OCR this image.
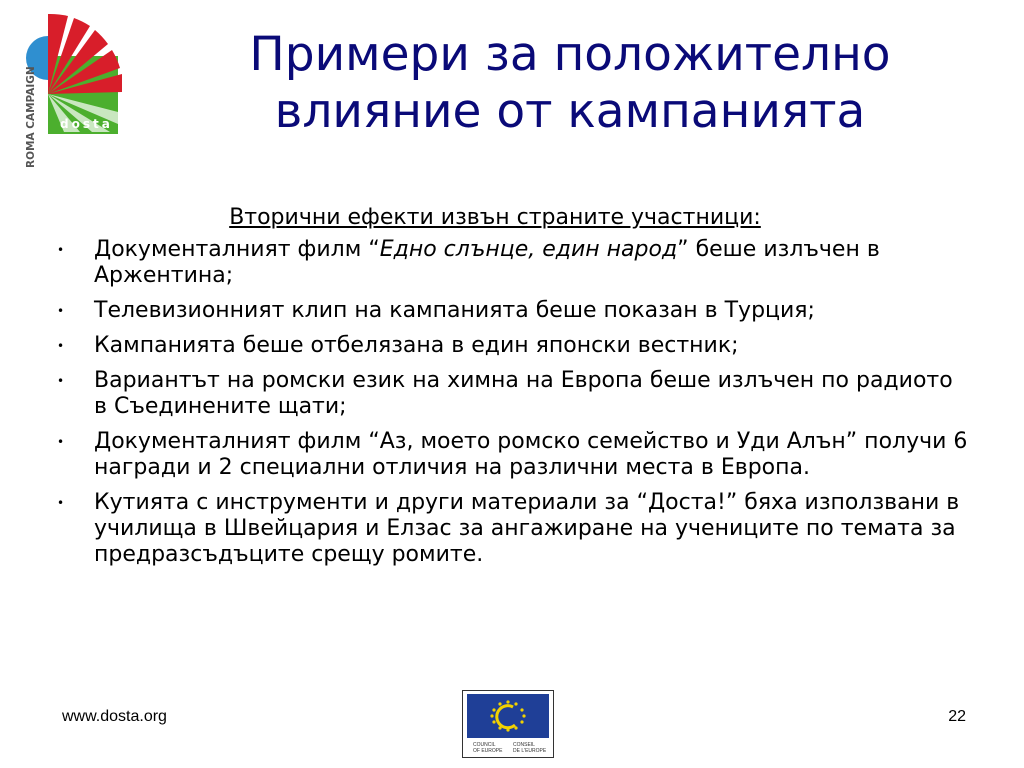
ROMA CAMPAIGN dosta
Примери за положително
влияние от кампанията
Вторични ефекти извън страните участници:
• Документалният филм “Едно слънце, един народ” беше излъчен в Аржентина;
• Телевизионният клип на кампанията беше показан в Турция;
• Кампанията беше отбелязана в един японски вестник;
• Вариантът на ромски език на химна на Европа беше излъчен по радиото в Съединените щати;
• Документалният филм “Аз, моето ромско семейство и Уди Алън” получи 6 награди и 2 специални отличия на различни места в Европа.
• Кутията с инструменти и други материали за “Доста!” бяха използвани в училища в Швейцария и Елзас за ангажиране на учениците по темата за предразсъдъците срещу ромите.
www.dosta.org
COUNCIL
OF EUROPE
CONSEIL
DE L'EUROPE
22
